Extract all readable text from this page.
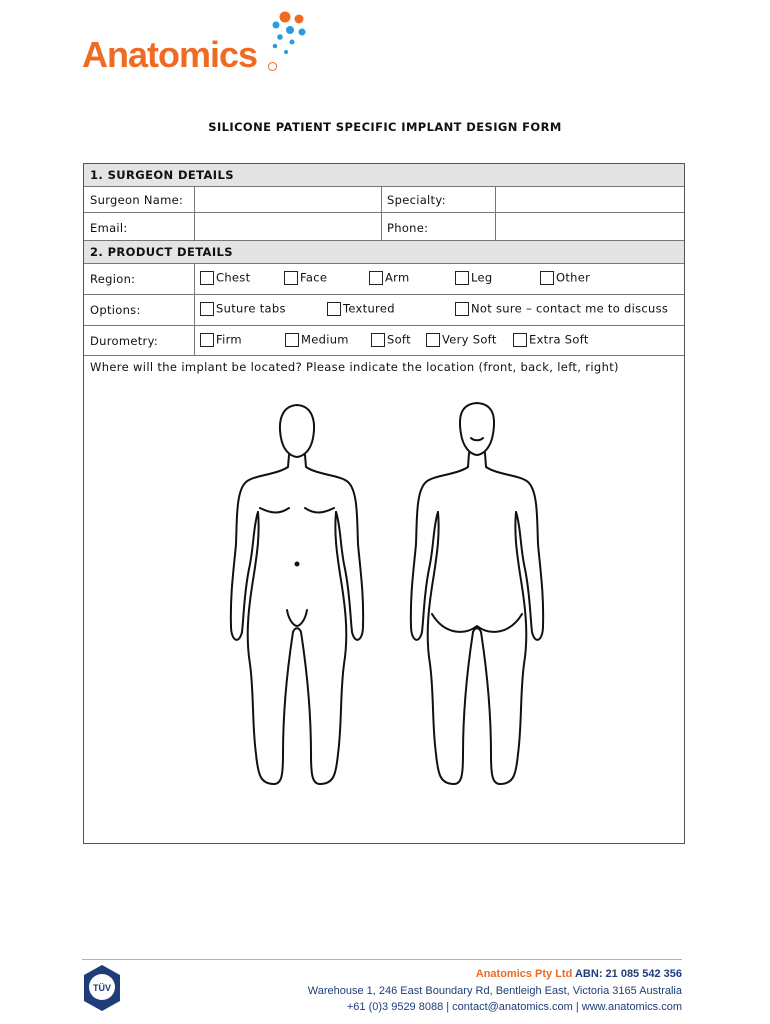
Anatomics
SILICONE PATIENT SPECIFIC IMPLANT DESIGN FORM
1. SURGEON DETAILS
Surgeon Name:	Specialty:
Email:	Phone:
2. PRODUCT DETAILS
Region:	Chest	Face	Arm	Leg	Other
Options:	Suture tabs	Textured	Not sure – contact me to discuss
Durometry:	Firm	Medium	Soft	Very Soft	Extra Soft
Where will the implant be located? Please indicate the location (front, back, left, right)
TÜV
Anatomics Pty Ltd ABN: 21 085 542 356
Warehouse 1, 246 East Boundary Rd, Bentleigh East, Victoria 3165 Australia
+61 (0)3 9529 8088 | contact@anatomics.com | www.anatomics.com
